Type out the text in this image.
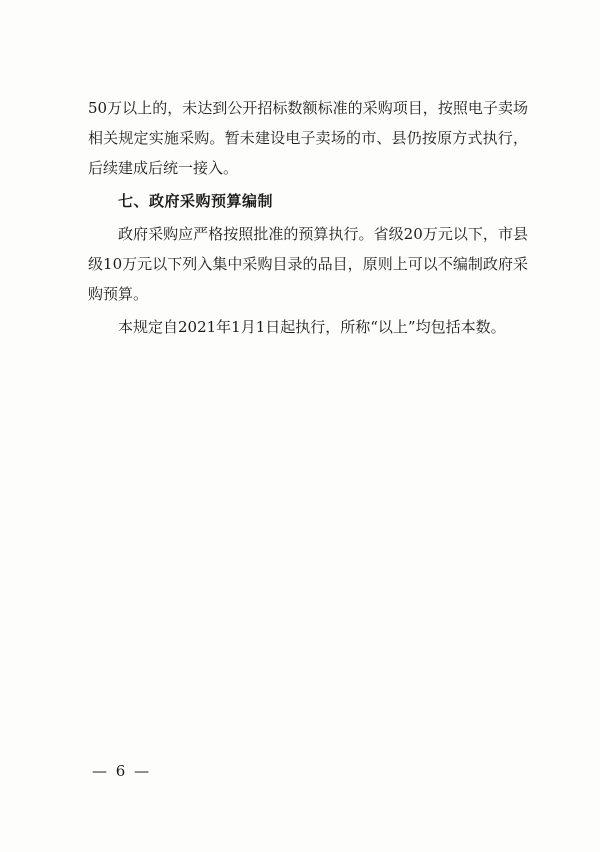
50万以上的，未达到公开招标数额标准的采购项目，按照电子卖场相关规定实施采购。暂未建设电子卖场的市、县仍按原方式执行，后续建成后统一接入。

七、政府采购预算编制

政府采购应严格按照批准的预算执行。省级20万元以下，市县级10万元以下列入集中采购目录的品目，原则上可以不编制政府采购预算。

本规定自2021年1月1日起执行，所称“以上”均包括本数。

— 6 —
